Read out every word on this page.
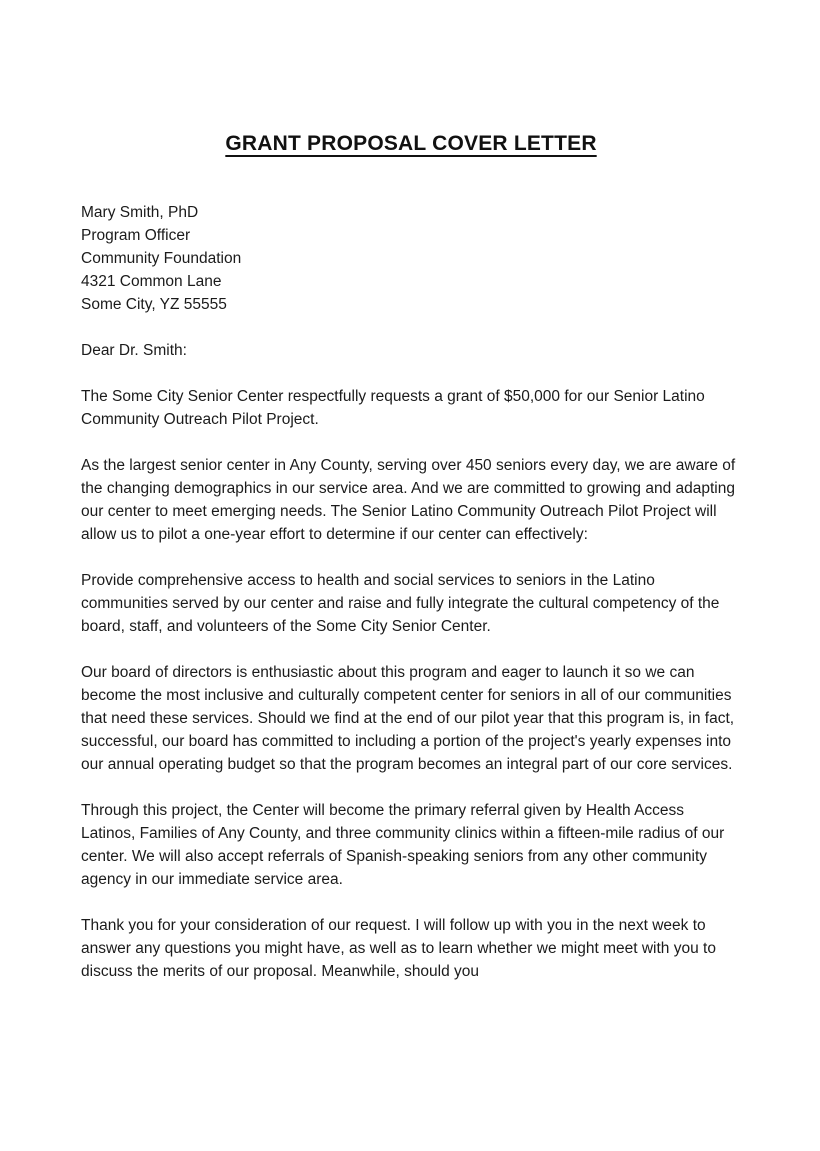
GRANT PROPOSAL COVER LETTER

Mary Smith, PhD

Program Officer

Community Foundation

4321 Common Lane

Some City, YZ 55555

Dear Dr. Smith:

The Some City Senior Center respectfully requests a grant of $50,000 for our Senior Latino Community Outreach Pilot Project.

As the largest senior center in Any County, serving over 450 seniors every day, we are aware of the changing demographics in our service area. And we are committed to growing and adapting our center to meet emerging needs. The Senior Latino Community Outreach Pilot Project will allow us to pilot a one-year effort to determine if our center can effectively:

Provide comprehensive access to health and social services to seniors in the Latino communities served by our center and raise and fully integrate the cultural competency of the board, staff, and volunteers of the Some City Senior Center.

Our board of directors is enthusiastic about this program and eager to launch it so we can become the most inclusive and culturally competent center for seniors in all of our communities that need these services. Should we find at the end of our pilot year that this program is, in fact, successful, our board has committed to including a portion of the project's yearly expenses into our annual operating budget so that the program becomes an integral part of our core services.

Through this project, the Center will become the primary referral given by Health Access Latinos, Families of Any County, and three community clinics within a fifteen-mile radius of our center. We will also accept referrals of Spanish-speaking seniors from any other community agency in our immediate service area.

Thank you for your consideration of our request. I will follow up with you in the next week to answer any questions you might have, as well as to learn whether we might meet with you to discuss the merits of our proposal. Meanwhile, should you
